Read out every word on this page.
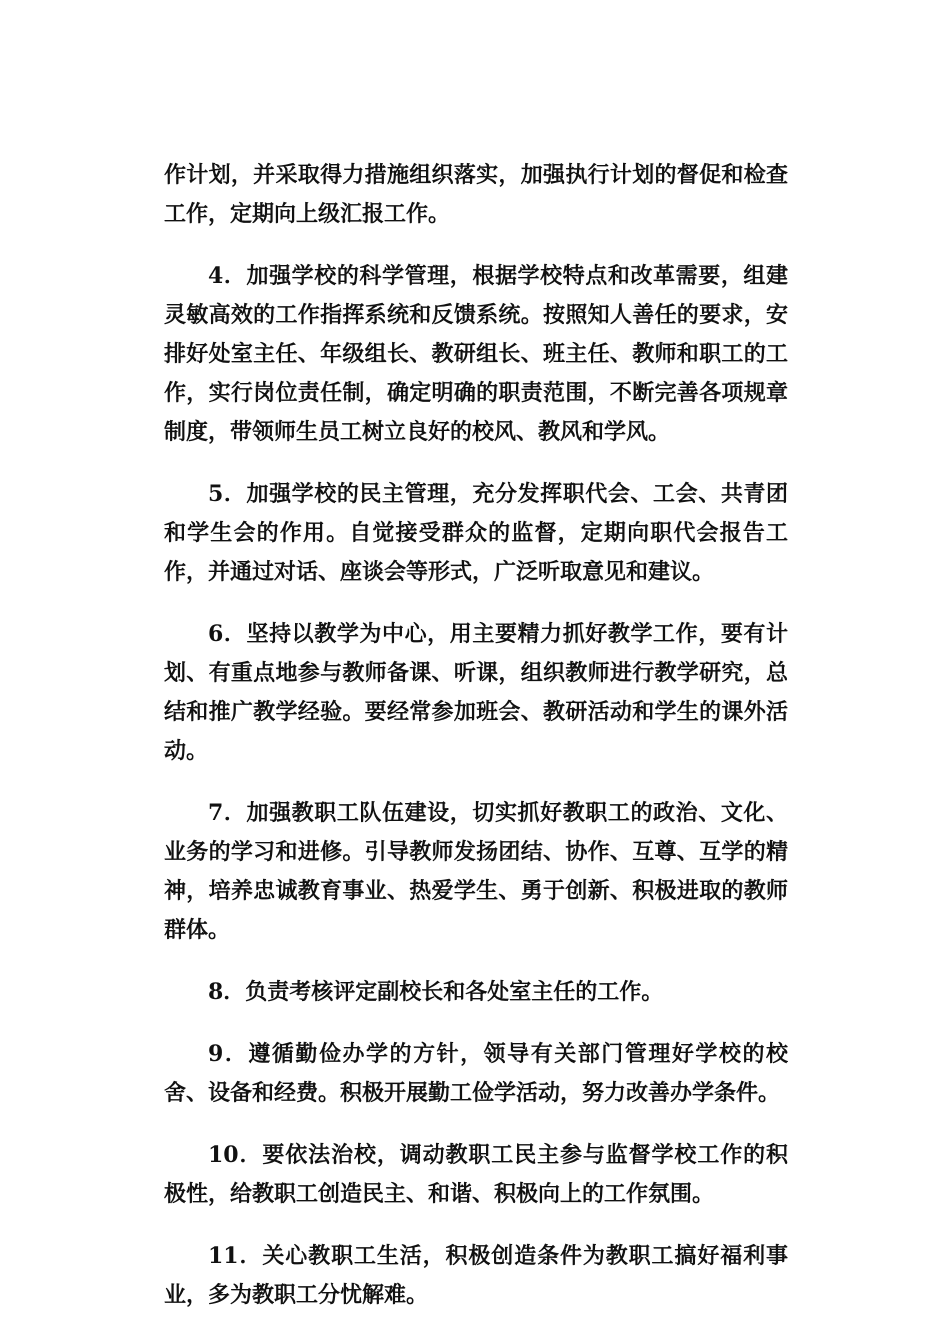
作计划，并采取得力措施组织落实，加强执行计划的督促和检查工作，定期向上级汇报工作。

4．加强学校的科学管理，根据学校特点和改革需要，组建灵敏高效的工作指挥系统和反馈系统。按照知人善任的要求，安排好处室主任、年级组长、教研组长、班主任、教师和职工的工作，实行岗位责任制，确定明确的职责范围，不断完善各项规章制度，带领师生员工树立良好的校风、教风和学风。

5．加强学校的民主管理，充分发挥职代会、工会、共青团和学生会的作用。自觉接受群众的监督，定期向职代会报告工作，并通过对话、座谈会等形式，广泛听取意见和建议。

6．坚持以教学为中心，用主要精力抓好教学工作，要有计划、有重点地参与教师备课、听课，组织教师进行教学研究，总结和推广教学经验。要经常参加班会、教研活动和学生的课外活动。

7．加强教职工队伍建设，切实抓好教职工的政治、文化、业务的学习和进修。引导教师发扬团结、协作、互尊、互学的精神，培养忠诚教育事业、热爱学生、勇于创新、积极进取的教师群体。

8．负责考核评定副校长和各处室主任的工作。

9．遵循勤俭办学的方针，领导有关部门管理好学校的校舍、设备和经费。积极开展勤工俭学活动，努力改善办学条件。

10．要依法治校，调动教职工民主参与监督学校工作的积极性，给教职工创造民主、和谐、积极向上的工作氛围。

11．关心教职工生活，积极创造条件为教职工搞好福利事业，多为教职工分忧解难。
